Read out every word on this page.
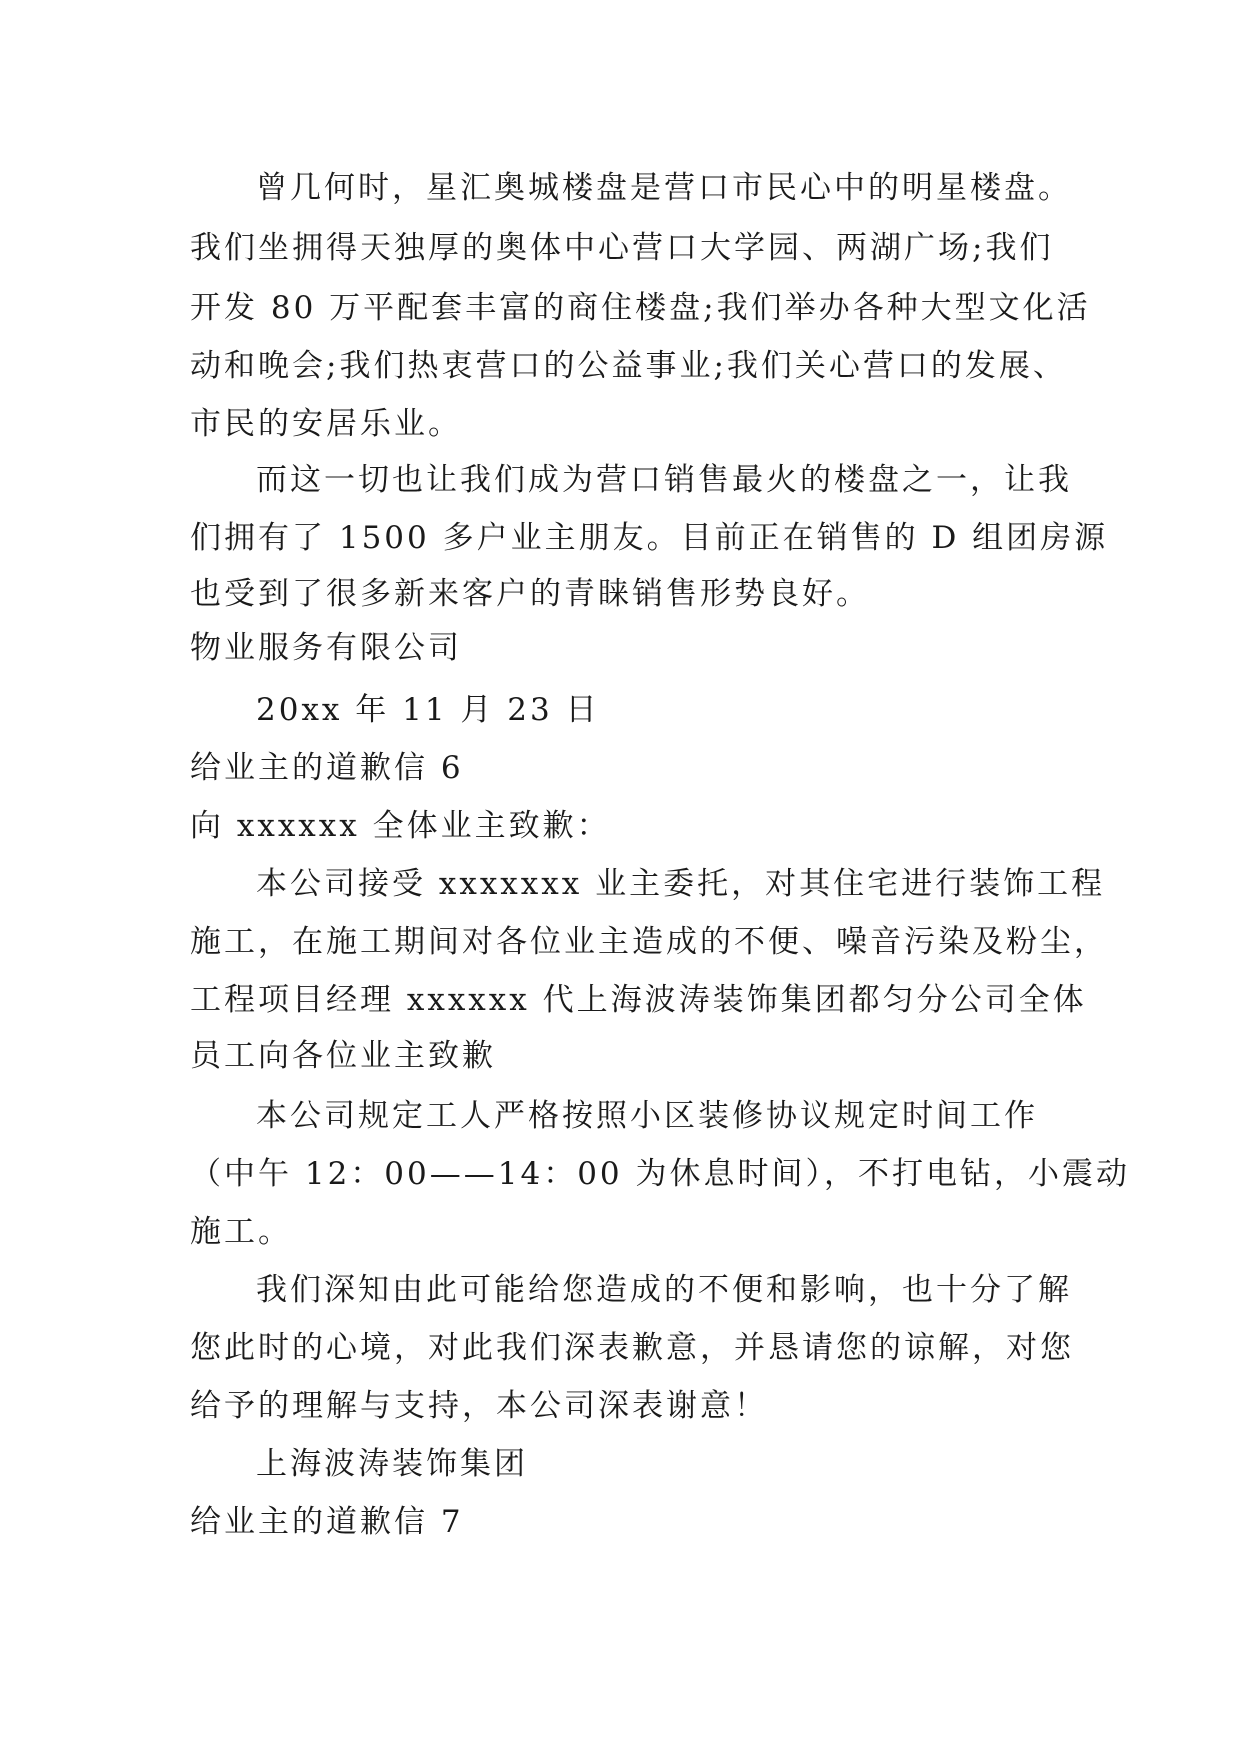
曾几何时，星汇奥城楼盘是营口市民心中的明星楼盘。
我们坐拥得天独厚的奥体中心营口大学园、两湖广场;我们
开发 80 万平配套丰富的商住楼盘;我们举办各种大型文化活
动和晚会;我们热衷营口的公益事业;我们关心营口的发展、
市民的安居乐业。
而这一切也让我们成为营口销售最火的楼盘之一，让我
们拥有了 1500 多户业主朋友。目前正在销售的 D 组团房源
也受到了很多新来客户的青睐销售形势良好。
物业服务有限公司
20xx 年 11 月 23 日
给业主的道歉信 6
向 xxxxxx 全体业主致歉：
本公司接受 xxxxxxx 业主委托，对其住宅进行装饰工程
施工，在施工期间对各位业主造成的不便、噪音污染及粉尘，
工程项目经理 xxxxxx 代上海波涛装饰集团都匀分公司全体
员工向各位业主致歉
本公司规定工人严格按照小区装修协议规定时间工作
（中午 12：00——14：00 为休息时间），不打电钻，小震动
施工。
我们深知由此可能给您造成的不便和影响，也十分了解
您此时的心境，对此我们深表歉意，并恳请您的谅解，对您
给予的理解与支持，本公司深表谢意！
上海波涛装饰集团
给业主的道歉信 7
